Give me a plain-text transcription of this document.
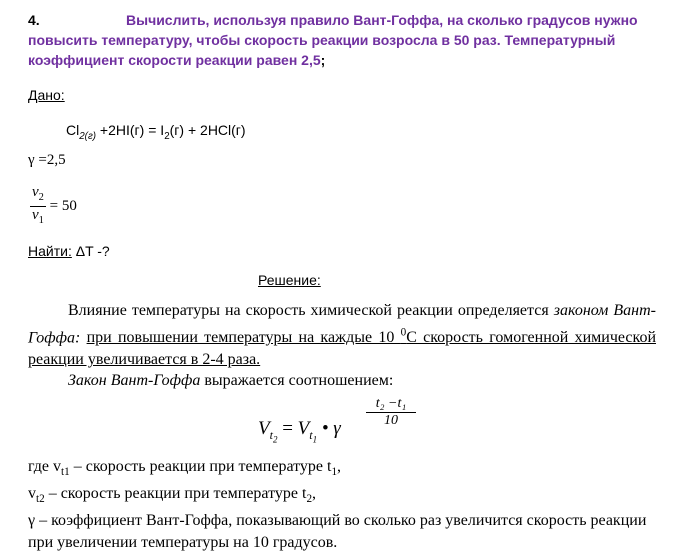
4.	Вычислить, используя правило Вант-Гоффа, на сколько градусов нужно повысить температуру, чтобы скорость реакции возросла в 50 раз. Температурный коэффициент скорости реакции равен 2,5;
Дано:
$Cl_{2(г)} +2HI(г) = I_2(г) + 2HCl(г)$
γ =2,5
$\frac{v_2}{v_1} = 50$
Найти: ΔT -?
Решение:
Влияние температуры на скорость химической реакции определяется законом Вант-Гоффа: при повышении температуры на каждые 10 $^0$С скорость гомогенной химической реакции увеличивается в 2-4 раза.
Закон Вант-Гоффа выражается соотношением:
t₂ −t₁
10
$V_{t_2} = V_{t_1}$ • γ
где $v_{t1}$ – скорость реакции при температуре $t_1$,
$v_{t2}$ – скорость реакции при температуре $t_2$,
γ – коэффициент Вант-Гоффа, показывающий во сколько раз увеличится скорость реакции при увеличении температуры на 10 градусов.
